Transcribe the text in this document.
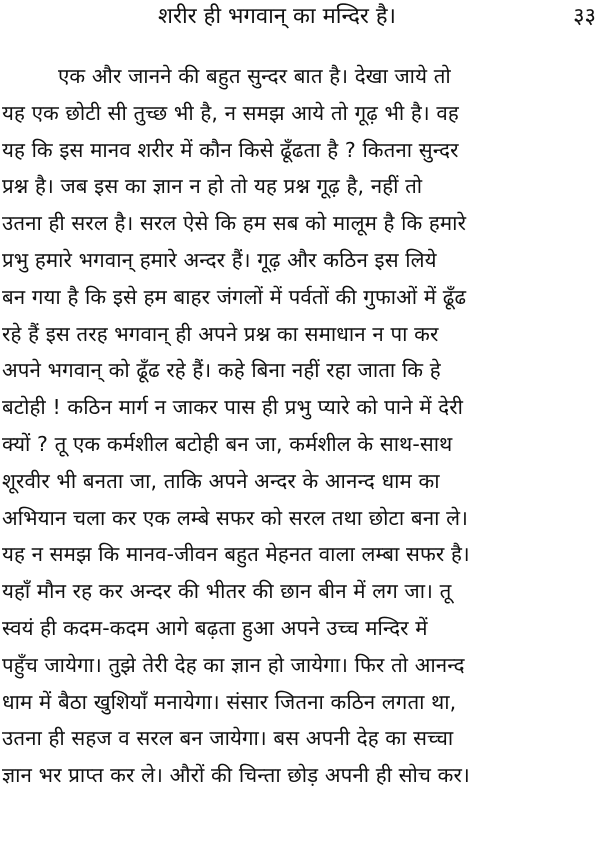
शरीर ही भगवान् का मन्दिर है।	३३
एक और जानने की बहुत सुन्दर बात है। देखा जाये तो
यह एक छोटी सी तुच्छ भी है, न समझ आये तो गूढ़ भी है। वह
यह कि इस मानव शरीर में कौन किसे ढूँढता है ? कितना सुन्दर
प्रश्न है। जब इस का ज्ञान न हो तो यह प्रश्न गूढ़ है, नहीं तो
उतना ही सरल है। सरल ऐसे कि हम सब को मालूम है कि हमारे
प्रभु हमारे भगवान् हमारे अन्दर हैं। गूढ़ और कठिन इस लिये
बन गया है कि इसे हम बाहर जंगलों में पर्वतों की गुफाओं में ढूँढ
रहे हैं इस तरह भगवान् ही अपने प्रश्न का समाधान न पा कर
अपने भगवान् को ढूँढ रहे हैं। कहे बिना नहीं रहा जाता कि हे
बटोही ! कठिन मार्ग न जाकर पास ही प्रभु प्यारे को पाने में देरी
क्यों ? तू एक कर्मशील बटोही बन जा, कर्मशील के साथ-साथ
शूरवीर भी बनता जा, ताकि अपने अन्दर के आनन्द धाम का
अभियान चला कर एक लम्बे सफर को सरल तथा छोटा बना ले।
यह न समझ कि मानव-जीवन बहुत मेहनत वाला लम्बा सफर है।
यहाँ मौन रह कर अन्दर की भीतर की छान बीन में लग जा। तू
स्वयं ही कदम-कदम आगे बढ़ता हुआ अपने उच्च मन्दिर में
पहुँच जायेगा। तुझे तेरी देह का ज्ञान हो जायेगा। फिर तो आनन्द
धाम में बैठा खुशियाँ मनायेगा। संसार जितना कठिन लगता था,
उतना ही सहज व सरल बन जायेगा। बस अपनी देह का सच्चा
ज्ञान भर प्राप्त कर ले। औरों की चिन्ता छोड़ अपनी ही सोच कर।
